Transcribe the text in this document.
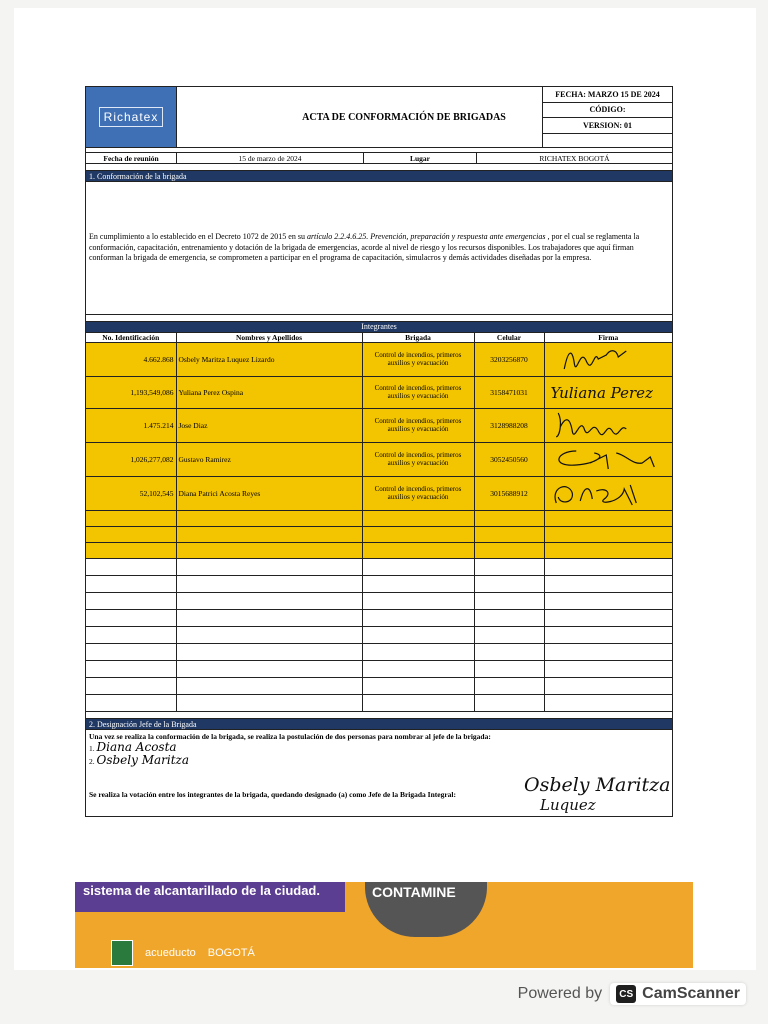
Richatex	ACTA DE CONFORMACIÓN DE BRIGADAS
FECHA: MARZO 15 DE 2024
CÓDIGO:
VERSION: 01
Fecha de reunión	15 de marzo de 2024	Lugar	RICHATEX BOGOTÁ
1. Conformación de la brigada

En cumplimiento a lo establecido en el Decreto 1072 de 2015 en su artículo 2.2.4.6.25. Prevención, preparación y respuesta ante emergencias , por el cual se reglamenta la conformación, capacitación, entrenamiento y dotación de la brigada de emergencias, acorde al nivel de riesgo y los recursos disponibles. Los trabajadores que aquí firman conforman la brigada de emergencia, se comprometen a participar en el programa de capacitación, simulacros y demás actividades diseñadas por la empresa.

Integrantes
No. Identificación	Nombres y Apellidos	Brigada	Celular	Firma
4.662.868	Osbely Maritza Luquez Lizardo	Control de incendios, primeros auxilios y evacuación	3203256870	
1,193,549,086	Yuliana Perez Ospina	Control de incendios, primeros auxilios y evacuación	3158471031	Yuliana Perez
1.475.214	Jose Diaz	Control de incendios, primeros auxilios y evacuación	3128988208	
1,026,277,082	Gustavo Ramirez	Control de incendios, primeros auxilios y evacuación	3052450560	
52,102,545	Diana Patrici Acosta Reyes	Control de incendios, primeros auxilios y evacuación	3015688912	

2. Designación Jefe de la Brigada
Una vez se realiza la conformación de la brigada, se realiza la postulación de dos personas para nombrar al jefe de la brigada:
1. Diana Acosta
2. Osbely Maritza
Se realiza la votación entre los integrantes de la brigada, quedando designado (a) como Jefe de la Brigada Integral:	Osbely Maritza
Luquez
sistema de alcantarillado de la ciudad.	CONTAMINE
acueducto BOGOTÁ
Powered by	CS CamScanner
